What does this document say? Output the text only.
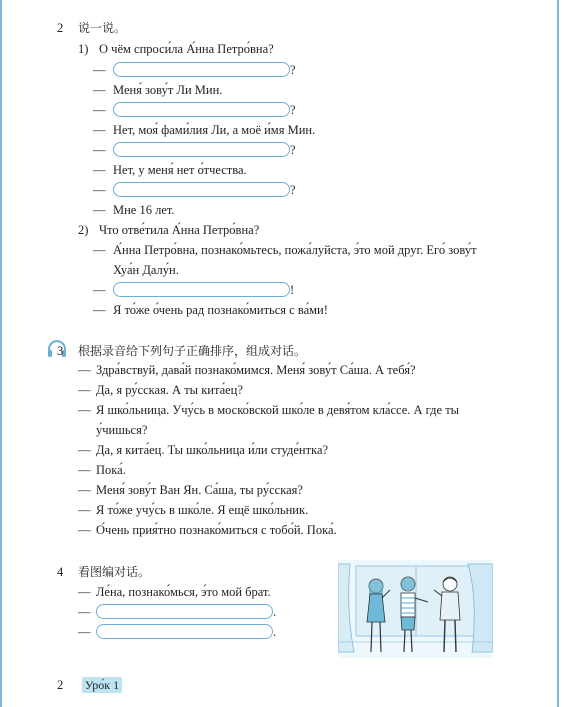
2 说一说。
1) О чём спроси́ла А́нна Петро́вна?
—	?
— Меня́ зову́т Ли Мин.
—	?
— Нет, моя́ фами́лия Ли, а моё и́мя Мин.
—	?
— Нет, у меня́ нет о́тчества.
—	?
— Мне 16 лет.
2) Что отве́тила А́нна Петро́вна?
— А́нна Петро́вна, познако́мьтесь, пожа́луйста, э́то мой друг. Его́ зову́т
Хуа́н Далу́н.
—	!
— Я то́же о́чень рад познако́миться с ва́ми!
3 根据录音给下列句子正确排序，组成对话。
— Здра́вствуй, дава́й познако́мимся. Меня́ зову́т Са́ша. А тебя́?
— Да, я ру́сская. А ты кита́ец?
— Я шко́льница. Учу́сь в моско́вской шко́ле в девя́том кла́ссе. А где ты
у́чишься?
— Да, я кита́ец. Ты шко́льница и́ли студе́нтка?
— Пока́.
— Меня́ зову́т Ван Ян. Са́ша, ты ру́сская?
— Я то́же учу́сь в шко́ле. Я ещё шко́льник.
— О́чень прия́тно познако́миться с тобо́й. Пока́.
4 看图编对话。
— Ле́на, познако́мься, э́то мой брат.
—	.
—	.
2 Уро́к 1
